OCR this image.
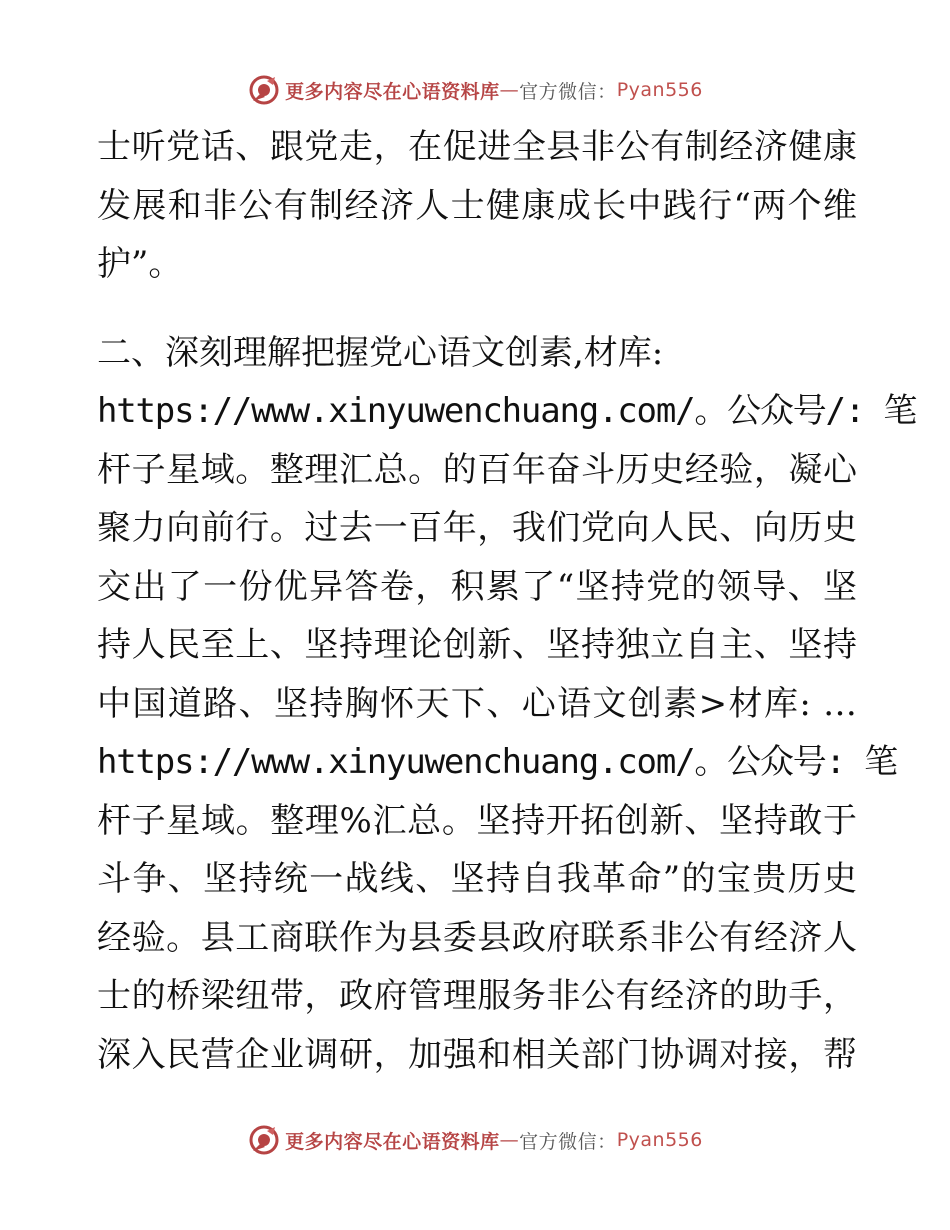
更多内容尽在心语资料库 — 官方微信： Pyan556
士听党话、跟党走，在促进全县非公有制经济健康
发展和非公有制经济人士健康成长中践行“两个维
护”。
二、深刻理解把握党心语文创素,材库:
https://www.xinyuwenchuang.com/。公众号/: 笔
杆子星域。整理汇总。的百年奋斗历史经验，凝心
聚力向前行。过去一百年，我们党向人民、向历史
交出了一份优异答卷，积累了“坚持党的领导、坚
持人民至上、坚持理论创新、坚持独立自主、坚持
中国道路、坚持胸怀天下、心语文创素>材库: …
https://www.xinyuwenchuang.com/。公众号: 笔
杆子星域。整理%汇总。坚持开拓创新、坚持敢于
斗争、坚持统一战线、坚持自我革命”的宝贵历史
经验。县工商联作为县委县政府联系非公有经济人
士的桥梁纽带，政府管理服务非公有经济的助手，
深入民营企业调研，加强和相关部门协调对接，帮
更多内容尽在心语资料库 — 官方微信： Pyan556
